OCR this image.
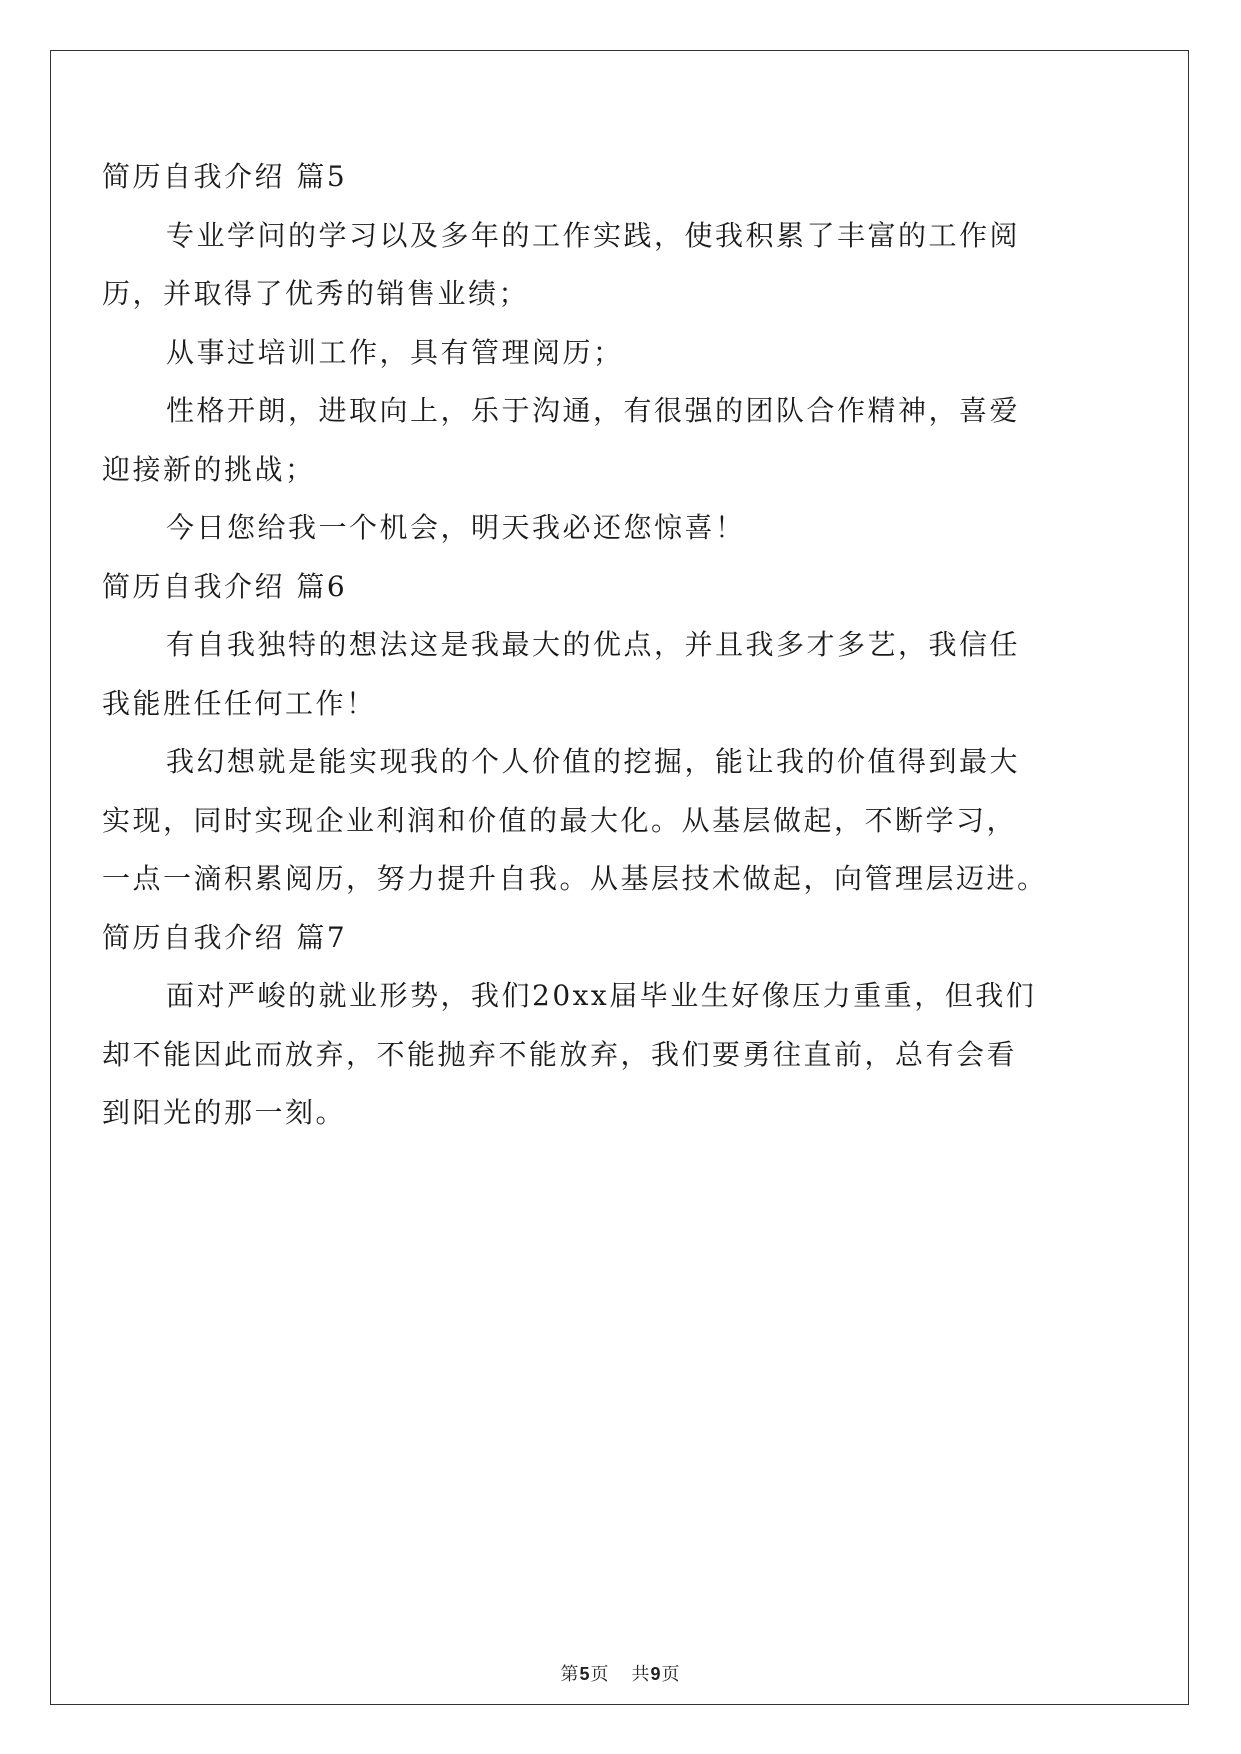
简历自我介绍 篇5
专业学问的学习以及多年的工作实践，使我积累了丰富的工作阅
历，并取得了优秀的销售业绩；
从事过培训工作，具有管理阅历；
性格开朗，进取向上，乐于沟通，有很强的团队合作精神，喜爱
迎接新的挑战；
今日您给我一个机会，明天我必还您惊喜！
简历自我介绍 篇6
有自我独特的想法这是我最大的优点，并且我多才多艺，我信任
我能胜任任何工作！
我幻想就是能实现我的个人价值的挖掘，能让我的价值得到最大
实现，同时实现企业利润和价值的最大化。从基层做起，不断学习，
一点一滴积累阅历，努力提升自我。从基层技术做起，向管理层迈进。
简历自我介绍 篇7
面对严峻的就业形势，我们20xx届毕业生好像压力重重，但我们
却不能因此而放弃，不能抛弃不能放弃，我们要勇往直前，总有会看
到阳光的那一刻。
第5页 共9页
